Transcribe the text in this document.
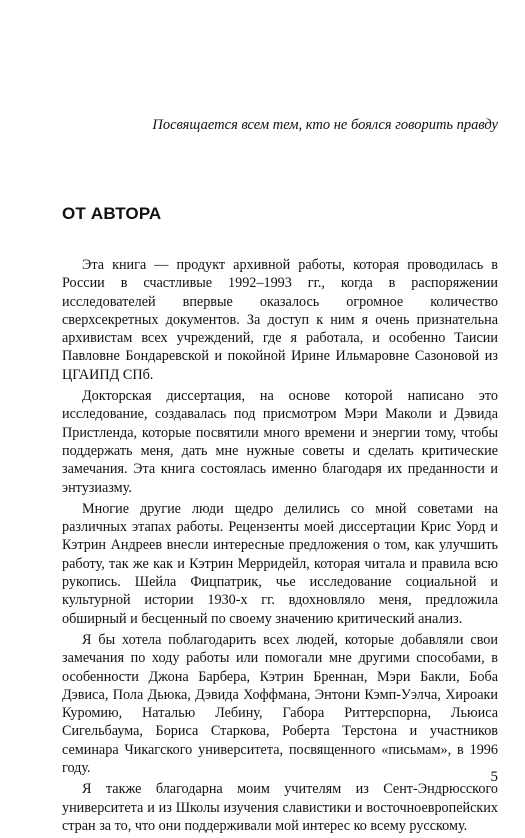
Посвящается всем тем, кто не боялся говорить правду
ОТ АВТОРА

Эта книга — продукт архивной работы, которая проводилась в России в счастливые 1992–1993 гг., когда в распоряжении исследователей впервые оказалось огромное количество сверхсекретных документов. За доступ к ним я очень признательна архивистам всех учреждений, где я работала, и особенно Таисии Павловне Бондаревской и покойной Ирине Ильмаровне Сазоновой из ЦГАИПД СПб.

Докторская диссертация, на основе которой написано это исследование, создавалась под присмотром Мэри Маколи и Дэвида Пристленда, которые посвятили много времени и энергии тому, чтобы поддержать меня, дать мне нужные советы и сделать критические замечания. Эта книга состоялась именно благодаря их преданности и энтузиазму.

Многие другие люди щедро делились со мной советами на различных этапах работы. Рецензенты моей диссертации Крис Уорд и Кэтрин Андреев внесли интересные предложения о том, как улучшить работу, так же как и Кэтрин Мерридейл, которая читала и правила всю рукопись. Шейла Фицпатрик, чье исследование социальной и культурной истории 1930-х гг. вдохновляло меня, предложила обширный и бесценный по своему значению критический анализ.

Я бы хотела поблагодарить всех людей, которые добавляли свои замечания по ходу работы или помогали мне другими способами, в особенности Джона Барбера, Кэтрин Бреннан, Мэри Бакли, Боба Дэвиса, Пола Дьюка, Дэвида Хоффмана, Энтони Кэмп-Уэлча, Хироаки Куромию, Наталью Лебину, Габора Риттерспорна, Льюиса Сигельбаума, Бориса Старкова, Роберта Терстона и участников семинара Чикагского университета, посвященного «письмам», в 1996 году.

Я также благодарна моим учителям из Сент-Эндрюсского университета и из Школы изучения славистики и восточноевропейских стран за то, что они поддерживали мой интерес ко всему русскому.

5
